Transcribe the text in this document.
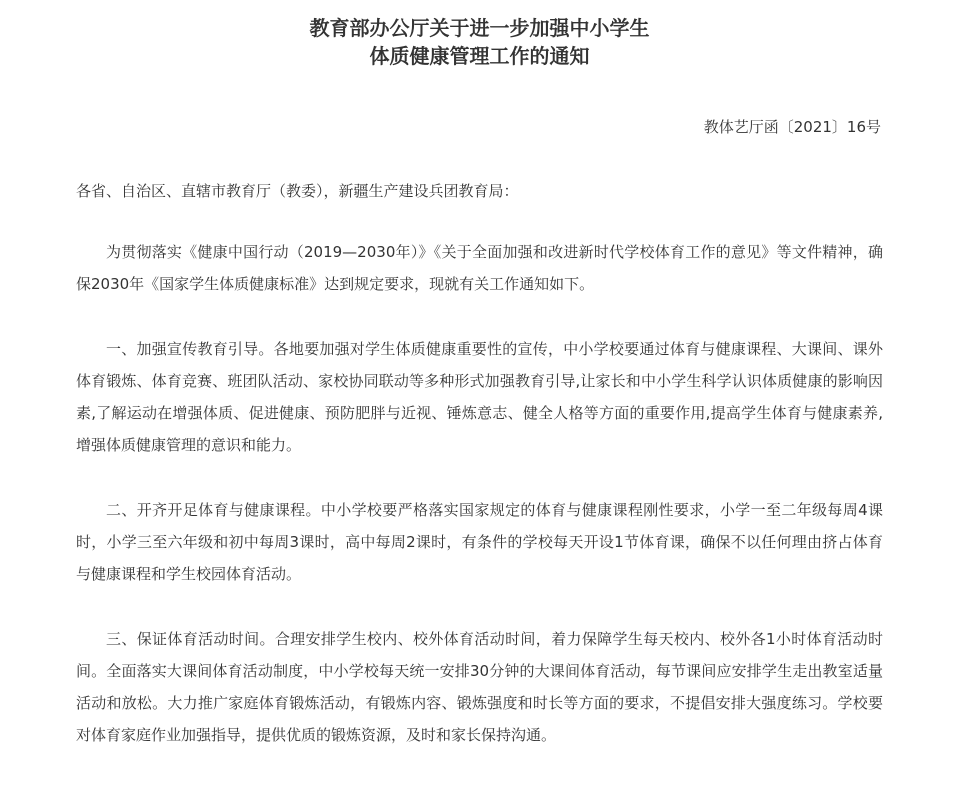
教育部办公厅关于进一步加强中小学生
体质健康管理工作的通知
教体艺厅函〔2021〕16号
各省、自治区、直辖市教育厅（教委），新疆生产建设兵团教育局：

为贯彻落实《健康中国行动（2019—2030年）》《关于全面加强和改进新时代学校体育工作的意见》等文件精神，确保2030年《国家学生体质健康标准》达到规定要求，现就有关工作通知如下。

一、加强宣传教育引导。各地要加强对学生体质健康重要性的宣传，中小学校要通过体育与健康课程、大课间、课外体育锻炼、体育竞赛、班团队活动、家校协同联动等多种形式加强教育引导,让家长和中小学生科学认识体质健康的影响因素,了解运动在增强体质、促进健康、预防肥胖与近视、锤炼意志、健全人格等方面的重要作用,提高学生体育与健康素养,增强体质健康管理的意识和能力。

二、开齐开足体育与健康课程。中小学校要严格落实国家规定的体育与健康课程刚性要求，小学一至二年级每周4课时，小学三至六年级和初中每周3课时，高中每周2课时，有条件的学校每天开设1节体育课，确保不以任何理由挤占体育与健康课程和学生校园体育活动。

三、保证体育活动时间。合理安排学生校内、校外体育活动时间，着力保障学生每天校内、校外各1小时体育活动时间。全面落实大课间体育活动制度，中小学校每天统一安排30分钟的大课间体育活动，每节课间应安排学生走出教室适量活动和放松。大力推广家庭体育锻炼活动，有锻炼内容、锻炼强度和时长等方面的要求，不提倡安排大强度练习。学校要对体育家庭作业加强指导，提供优质的锻炼资源，及时和家长保持沟通。
